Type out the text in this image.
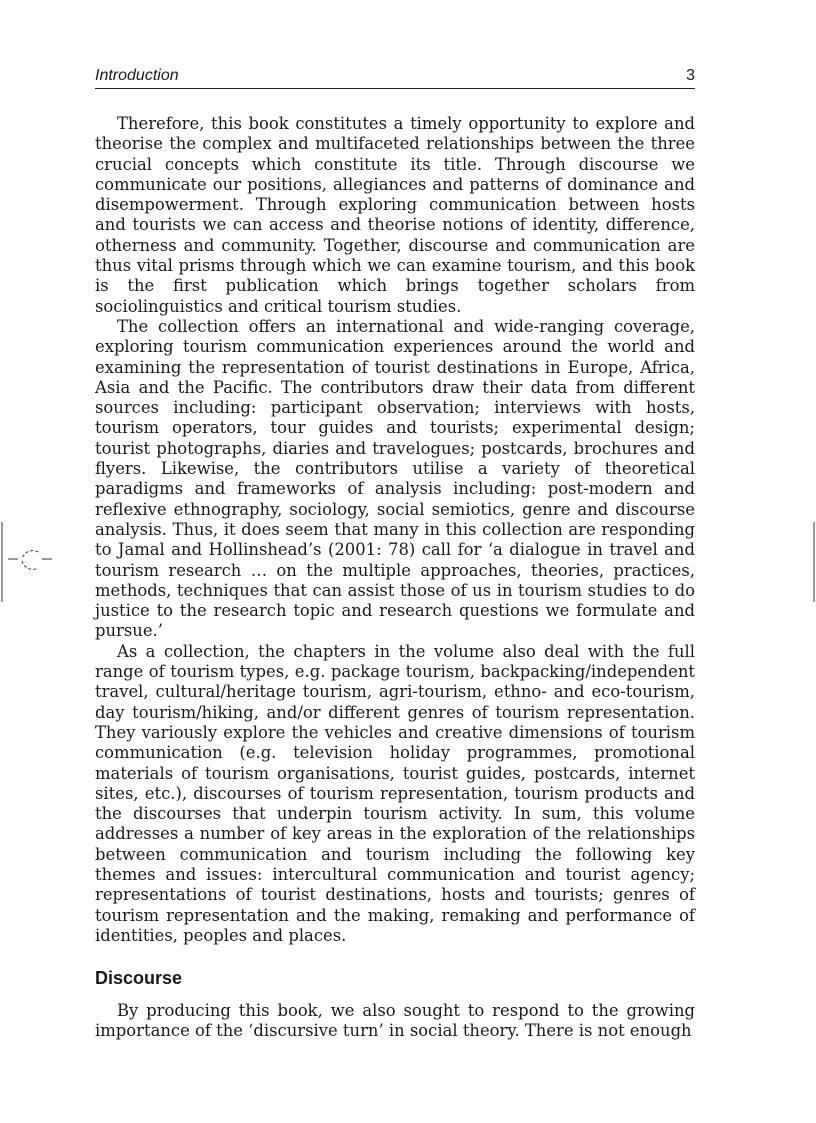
Introduction	3

Therefore, this book constitutes a timely opportunity to explore and theorise the complex and multifaceted relationships between the three crucial concepts which constitute its title. Through discourse we communicate our positions, allegiances and patterns of dominance and disempowerment. Through exploring communication between hosts and tourists we can access and theorise notions of identity, difference, otherness and community. Together, discourse and communication are thus vital prisms through which we can examine tourism, and this book is the first publication which brings together scholars from sociolinguistics and critical tourism studies.

The collection offers an international and wide-ranging coverage, exploring tourism communication experiences around the world and examining the representation of tourist destinations in Europe, Africa, Asia and the Pacific. The contributors draw their data from different sources including: participant observation; interviews with hosts, tourism operators, tour guides and tourists; experimental design; tourist photographs, diaries and travelogues; postcards, brochures and flyers. Likewise, the contributors utilise a variety of theoretical paradigms and frameworks of analysis including: post-modern and reflexive ethnography, sociology, social semiotics, genre and discourse analysis. Thus, it does seem that many in this collection are responding to Jamal and Hollinshead’s (2001: 78) call for ‘a dialogue in travel and tourism research … on the multiple approaches, theories, practices, methods, techniques that can assist those of us in tourism studies to do justice to the research topic and research questions we formulate and pursue.’

As a collection, the chapters in the volume also deal with the full range of tourism types, e.g. package tourism, backpacking/independent travel, cultural/heritage tourism, agri-tourism, ethno- and eco-tourism, day tourism/hiking, and/or different genres of tourism representation. They variously explore the vehicles and creative dimensions of tourism communication (e.g. television holiday programmes, promotional materials of tourism organisations, tourist guides, postcards, internet sites, etc.), discourses of tourism representation, tourism products and the discourses that underpin tourism activity. In sum, this volume addresses a number of key areas in the exploration of the relationships between communication and tourism including the following key themes and issues: intercultural communication and tourist agency; representations of tourist destinations, hosts and tourists; genres of tourism representation and the making, remaking and performance of identities, peoples and places.

Discourse

By producing this book, we also sought to respond to the growing importance of the ‘discursive turn’ in social theory. There is not enough
